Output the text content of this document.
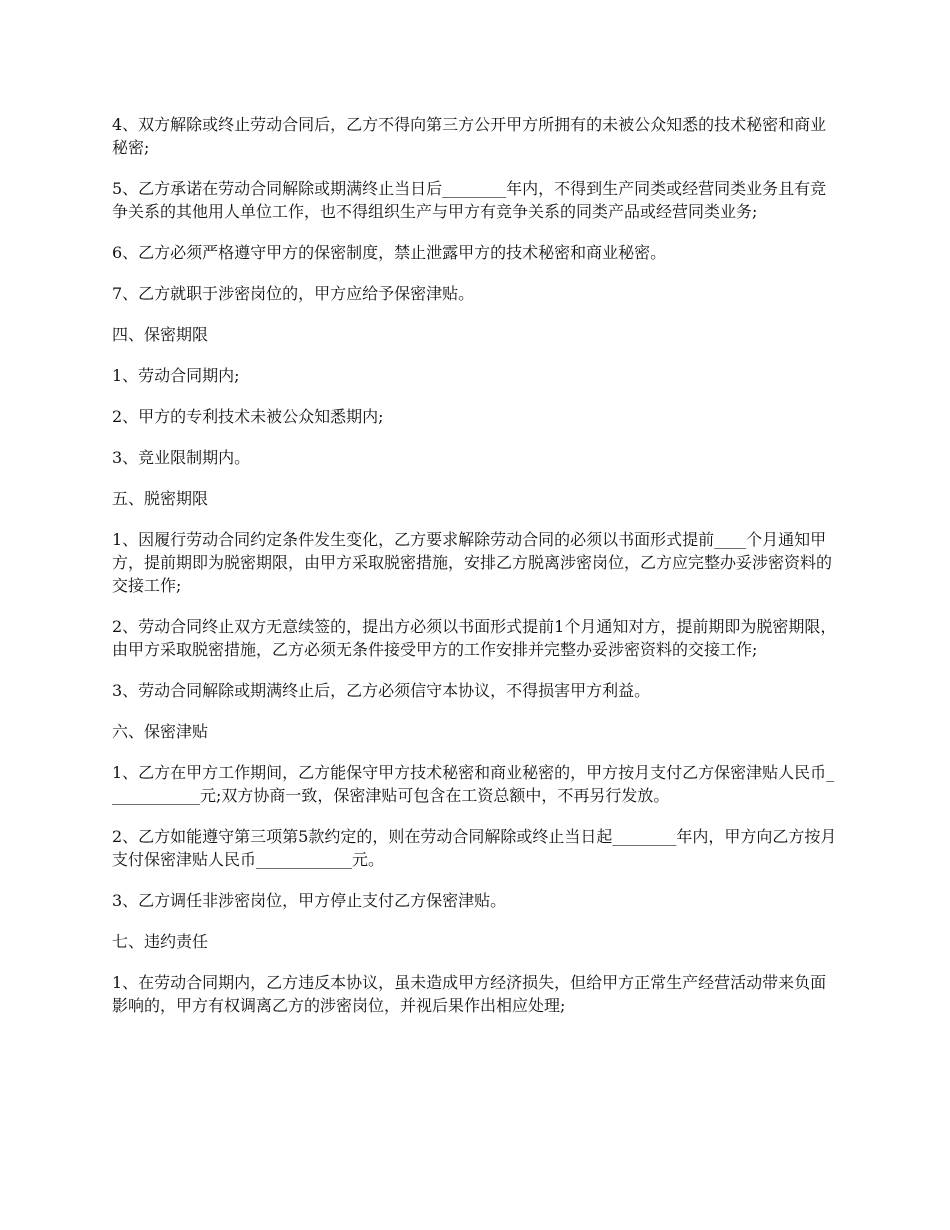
4、双方解除或终止劳动合同后，乙方不得向第三方公开甲方所拥有的未被公众知悉的技术秘密和商业秘密;

5、乙方承诺在劳动合同解除或期满终止当日后________年内，不得到生产同类或经营同类业务且有竞争关系的其他用人单位工作，也不得组织生产与甲方有竞争关系的同类产品或经营同类业务;

6、乙方必须严格遵守甲方的保密制度，禁止泄露甲方的技术秘密和商业秘密。

7、乙方就职于涉密岗位的，甲方应给予保密津贴。

四、保密期限

1、劳动合同期内;

2、甲方的专利技术未被公众知悉期内;

3、竞业限制期内。

五、脱密期限

1、因履行劳动合同约定条件发生变化，乙方要求解除劳动合同的必须以书面形式提前____个月通知甲方，提前期即为脱密期限，由甲方采取脱密措施，安排乙方脱离涉密岗位，乙方应完整办妥涉密资料的交接工作;

2、劳动合同终止双方无意续签的，提出方必须以书面形式提前1个月通知对方，提前期即为脱密期限，由甲方采取脱密措施，乙方必须无条件接受甲方的工作安排并完整办妥涉密资料的交接工作;

3、劳动合同解除或期满终止后，乙方必须信守本协议，不得损害甲方利益。

六、保密津贴

1、乙方在甲方工作期间，乙方能保守甲方技术秘密和商业秘密的，甲方按月支付乙方保密津贴人民币____________元;双方协商一致，保密津贴可包含在工资总额中，不再另行发放。

2、乙方如能遵守第三项第5款约定的，则在劳动合同解除或终止当日起________年内，甲方向乙方按月支付保密津贴人民币____________元。

3、乙方调任非涉密岗位，甲方停止支付乙方保密津贴。

七、违约责任

1、在劳动合同期内，乙方违反本协议，虽未造成甲方经济损失，但给甲方正常生产经营活动带来负面影响的，甲方有权调离乙方的涉密岗位，并视后果作出相应处理;
